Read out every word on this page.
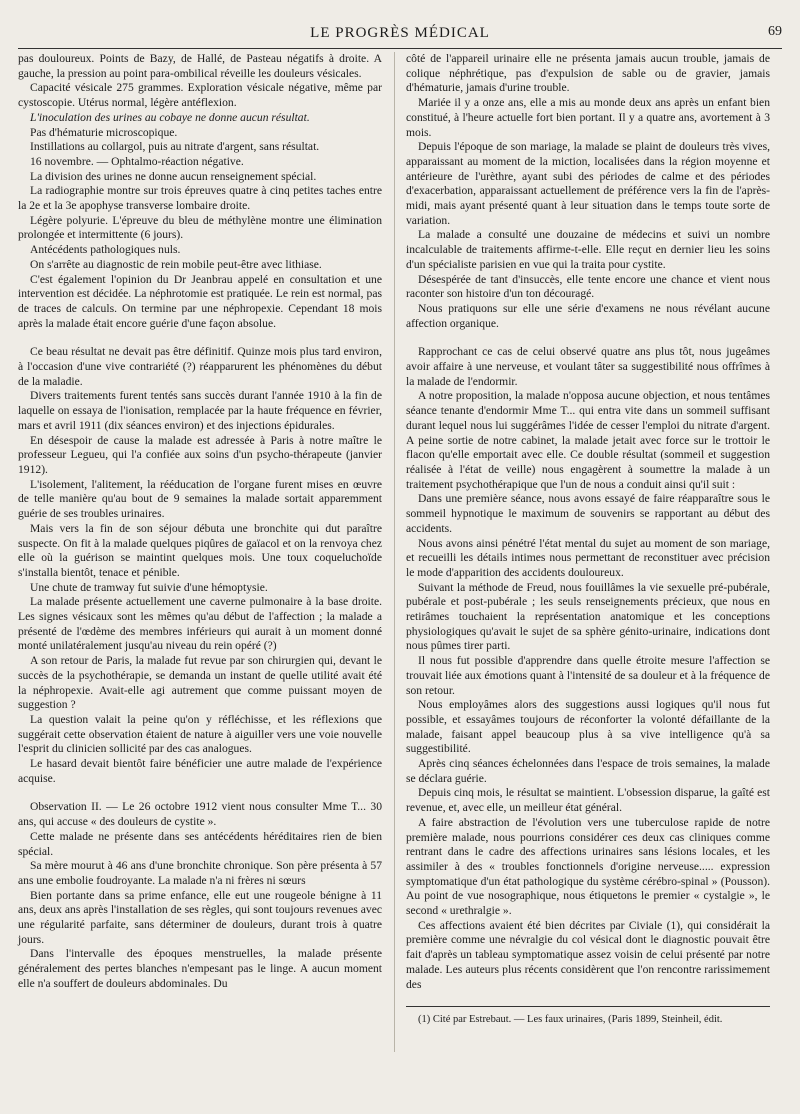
LE PROGRÈS MÉDICAL	69

pas douloureux. Points de Bazy, de Hallé, de Pasteau négatifs à droite. A gauche, la pression au point para-ombilical réveille les douleurs vésicales.

Capacité vésicale 275 grammes. Exploration vésicale négative, même par cystoscopie. Utérus normal, légère antéflexion.

L'inoculation des urines au cobaye ne donne aucun résultat.

Pas d'hématurie microscopique.

Instillations au collargol, puis au nitrate d'argent, sans résultat.

16 novembre. — Ophtalmo-réaction négative.

La division des urines ne donne aucun renseignement spécial.

La radiographie montre sur trois épreuves quatre à cinq petites taches entre la 2e et la 3e apophyse transverse lombaire droite.

Légère polyurie. L'épreuve du bleu de méthylène montre une élimination prolongée et intermittente (6 jours).

Antécédents pathologiques nuls.

On s'arrête au diagnostic de rein mobile peut-être avec lithiase.

C'est également l'opinion du Dr Jeanbrau appelé en consultation et une intervention est décidée. La néphrotomie est pratiquée. Le rein est normal, pas de traces de calculs. On termine par une néphropexie. Cependant 18 mois après la malade était encore guérie d'une façon absolue.

Ce beau résultat ne devait pas être définitif. Quinze mois plus tard environ, à l'occasion d'une vive contrariété (?) réapparurent les phénomènes du début de la maladie.

Divers traitements furent tentés sans succès durant l'année 1910 à la fin de laquelle on essaya de l'ionisation, remplacée par la haute fréquence en février, mars et avril 1911 (dix séances environ) et des injections épidurales.

En désespoir de cause la malade est adressée à Paris à notre maître le professeur Legueu, qui l'a confiée aux soins d'un psycho-thérapeute (janvier 1912).

L'isolement, l'alitement, la rééducation de l'organe furent mises en œuvre de telle manière qu'au bout de 9 semaines la malade sortait apparemment guérie de ses troubles urinaires.

Mais vers la fin de son séjour débuta une bronchite qui dut paraître suspecte. On fit à la malade quelques piqûres de gaïacol et on la renvoya chez elle où la guérison se maintint quelques mois. Une toux coqueluchoïde s'installa bientôt, tenace et pénible.

Une chute de tramway fut suivie d'une hémoptysie.

La malade présente actuellement une caverne pulmonaire à la base droite. Les signes vésicaux sont les mêmes qu'au début de l'affection ; la malade a présenté de l'œdème des membres inférieurs qui aurait à un moment donné monté unilatéralement jusqu'au niveau du rein opéré (?)

A son retour de Paris, la malade fut revue par son chirurgien qui, devant le succès de la psychothérapie, se demanda un instant de quelle utilité avait été la néphropexie. Avait-elle agi autrement que comme puissant moyen de suggestion ?

La question valait la peine qu'on y réfléchisse, et les réflexions que suggérait cette observation étaient de nature à aiguiller vers une voie nouvelle l'esprit du clinicien sollicité par des cas analogues.

Le hasard devait bientôt faire bénéficier une autre malade de l'expérience acquise.

Observation II. — Le 26 octobre 1912 vient nous consulter Mme T... 30 ans, qui accuse « des douleurs de cystite ».

Cette malade ne présente dans ses antécédents héréditaires rien de bien spécial.

Sa mère mourut à 46 ans d'une bronchite chronique. Son père présenta à 57 ans une embolie foudroyante. La malade n'a ni frères ni sœurs

Bien portante dans sa prime enfance, elle eut une rougeole bénigne à 11 ans, deux ans après l'installation de ses règles, qui sont toujours revenues avec une régularité parfaite, sans déterminer de douleurs, durant trois à quatre jours.

Dans l'intervalle des époques menstruelles, la malade présente généralement des pertes blanches n'empesant pas le linge. A aucun moment elle n'a souffert de douleurs abdominales. Du

côté de l'appareil urinaire elle ne présenta jamais aucun trouble, jamais de colique néphrétique, pas d'expulsion de sable ou de gravier, jamais d'hématurie, jamais d'urine trouble.

Mariée il y a onze ans, elle a mis au monde deux ans après un enfant bien constitué, à l'heure actuelle fort bien portant. Il y a quatre ans, avortement à 3 mois.

Depuis l'époque de son mariage, la malade se plaint de douleurs très vives, apparaissant au moment de la miction, localisées dans la région moyenne et antérieure de l'urèthre, ayant subi des périodes de calme et des périodes d'exacerbation, apparaissant actuellement de préférence vers la fin de l'après-midi, mais ayant présenté quant à leur situation dans le temps toute sorte de variation.

La malade a consulté une douzaine de médecins et suivi un nombre incalculable de traitements affirme-t-elle. Elle reçut en dernier lieu les soins d'un spécialiste parisien en vue qui la traita pour cystite.

Désespérée de tant d'insuccès, elle tente encore une chance et vient nous raconter son histoire d'un ton découragé.

Nous pratiquons sur elle une série d'examens ne nous révélant aucune affection organique.

Rapprochant ce cas de celui observé quatre ans plus tôt, nous jugeâmes avoir affaire à une nerveuse, et voulant tâter sa suggestibilité nous offrîmes à la malade de l'endormir.

A notre proposition, la malade n'opposa aucune objection, et nous tentâmes séance tenante d'endormir Mme T... qui entra vite dans un sommeil suffisant durant lequel nous lui suggérâmes l'idée de cesser l'emploi du nitrate d'argent. A peine sortie de notre cabinet, la malade jetait avec force sur le trottoir le flacon qu'elle emportait avec elle. Ce double résultat (sommeil et suggestion réalisée à l'état de veille) nous engagèrent à soumettre la malade à un traitement psychothérapique que l'un de nous a conduit ainsi qu'il suit :

Dans une première séance, nous avons essayé de faire réapparaître sous le sommeil hypnotique le maximum de souvenirs se rapportant au début des accidents.

Nous avons ainsi pénétré l'état mental du sujet au moment de son mariage, et recueilli les détails intimes nous permettant de reconstituer avec précision le mode d'apparition des accidents douloureux.

Suivant la méthode de Freud, nous fouillâmes la vie sexuelle pré-pubérale, pubérale et post-pubérale ; les seuls renseignements précieux, que nous en retirâmes touchaient la représentation anatomique et les conceptions physiologiques qu'avait le sujet de sa sphère génito-urinaire, indications dont nous pûmes tirer parti.

Il nous fut possible d'apprendre dans quelle étroite mesure l'affection se trouvait liée aux émotions quant à l'intensité de sa douleur et à la fréquence de son retour.

Nous employâmes alors des suggestions aussi logiques qu'il nous fut possible, et essayâmes toujours de réconforter la volonté défaillante de la malade, faisant appel beaucoup plus à sa vive intelligence qu'à sa suggestibilité.

Après cinq séances échelonnées dans l'espace de trois semaines, la malade se déclara guérie.

Depuis cinq mois, le résultat se maintient. L'obsession disparue, la gaîté est revenue, et, avec elle, un meilleur état général.

A faire abstraction de l'évolution vers une tuberculose rapide de notre première malade, nous pourrions considérer ces deux cas cliniques comme rentrant dans le cadre des affections urinaires sans lésions locales, et les assimiler à des « troubles fonctionnels d'origine nerveuse..... expression symptomatique d'un état pathologique du système cérébro-spinal » (Pousson). Au point de vue nosographique, nous étiquetons le premier « cystalgie », le second « urethralgie ».

Ces affections avaient été bien décrites par Civiale (1), qui considérait la première comme une névralgie du col vésical dont le diagnostic pouvait être fait d'après un tableau symptomatique assez voisin de celui présenté par notre malade. Les auteurs plus récents considèrent que l'on rencontre rarissimement des

(1) Cité par Estrebaut. — Les faux urinaires, (Paris 1899, Steinheil, édit.
